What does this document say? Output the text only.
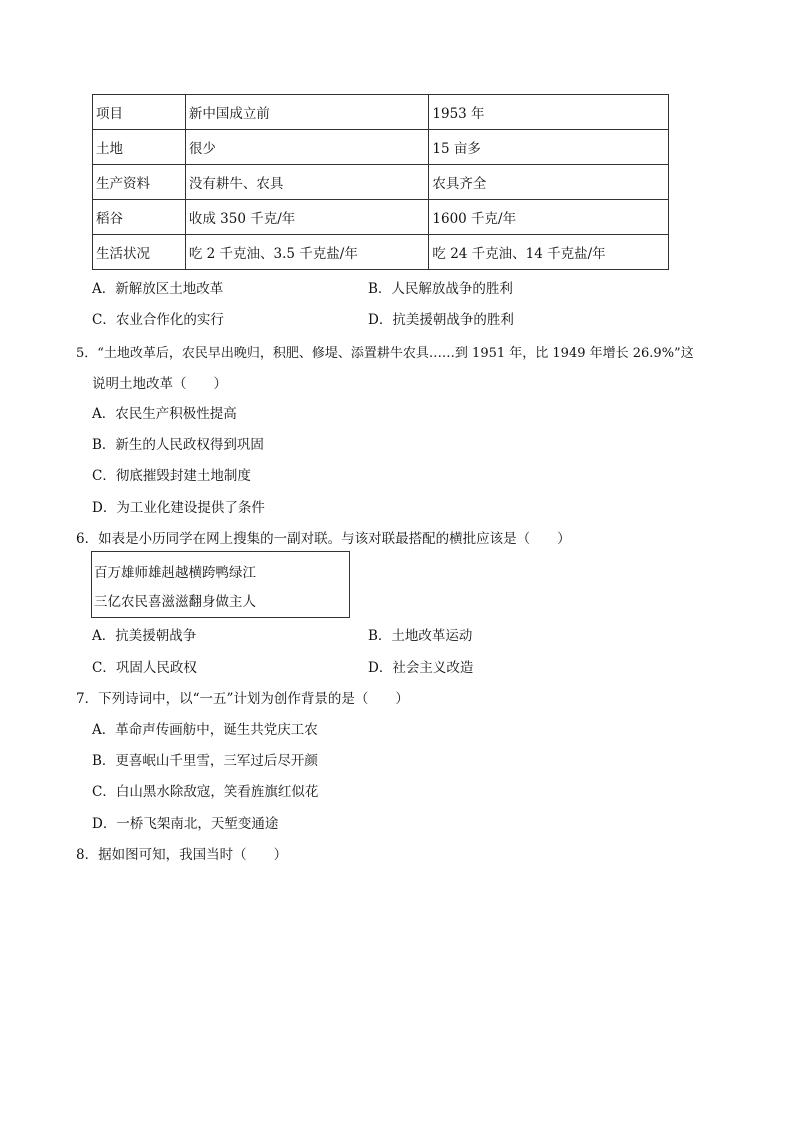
项目	新中国成立前	1953 年
土地	很少	15 亩多
生产资料	没有耕牛、农具	农具齐全
稻谷	收成 350 千克/年	1600 千克/年
生活状况	吃 2 千克油、3.5 千克盐/年	吃 24 千克油、14 千克盐/年
A．新解放区土地改革	B．人民解放战争的胜利
C．农业合作化的实行	D．抗美援朝战争的胜利
5．“土地改革后，农民早出晚归，积肥、修堤、添置耕牛农具……到 1951 年，比 1949 年增长 26.9%”这
说明土地改革（　　）
A．农民生产积极性提高
B．新生的人民政权得到巩固
C．彻底摧毁封建土地制度
D．为工业化建设提供了条件
6．如表是小历同学在网上搜集的一副对联。与该对联最搭配的横批应该是（　　）
百万雄师雄赳越横跨鸭绿江
三亿农民喜滋滋翻身做主人
A．抗美援朝战争	B．土地改革运动
C．巩固人民政权	D．社会主义改造
7．下列诗词中，以“一五”计划为创作背景的是（　　）
A．革命声传画舫中，诞生共党庆工农
B．更喜岷山千里雪，三军过后尽开颜
C．白山黑水除敌寇，笑看旌旗红似花
D．一桥飞架南北，天堑变通途
8．据如图可知，我国当时（　　）
